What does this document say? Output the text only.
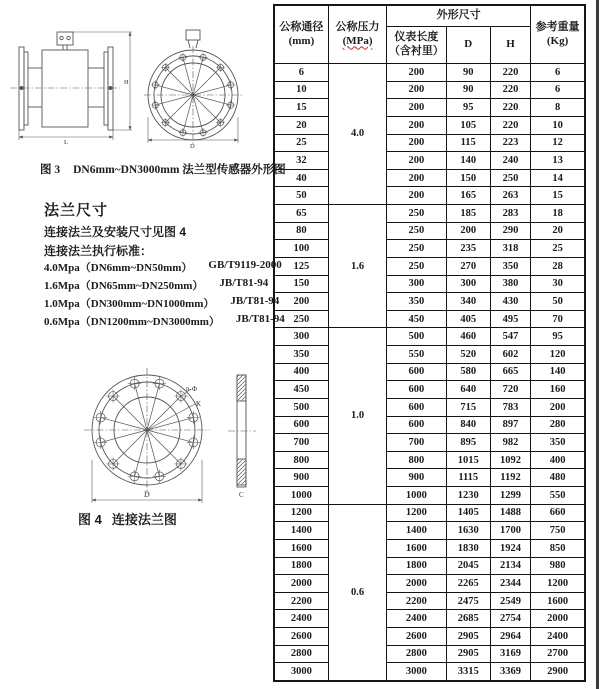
H
L
D
图 3 DN6mm~DN3000mm 法兰型传感器外形图
法兰尺寸
连接法兰及安装尺寸见图 4
连接法兰执行标准：
4.0Mpa（DN6mm~DN50mm） GB/T9119-2000
1.6Mpa（DN65mm~DN250mm） JB/T81-94
1.0Mpa（DN300mm~DN1000mm） JB/T81-94
0.6Mpa（DN1200mm~DN3000mm） JB/T81-94
n-Φ
K
D	C
图 4 连接法兰图
公称通径
(mm)

公称压力
(MPa)
	外形尺寸	
参考重量
(Kg)

		仪表长度
（含衬里）	D	H	
6	4.0	200	90	220	6
10		200	90	220	6
15		200	95	220	8
20		200	105	220	10
25		200	115	223	12
32		200	140	240	13
40		200	150	250	14
50		200	165	263	15
65	1.6	250	185	283	18
80		250	200	290	20
100		250	235	318	25
125		250	270	350	28
150		300	300	380	30
200		350	340	430	50
250		450	405	495	70
300	1.0	500	460	547	95
350		550	520	602	120
400		600	580	665	140
450		600	640	720	160
500		600	715	783	200
600		600	840	897	280
700		700	895	982	350
800		800	1015	1092	400
900		900	1115	1192	480
1000		1000	1230	1299	550
1200	0.6	1200	1405	1488	660
1400		1400	1630	1700	750
1600		1600	1830	1924	850
1800		1800	2045	2134	980
2000		2000	2265	2344	1200
2200		2200	2475	2549	1600
2400		2400	2685	2754	2000
2600		2600	2905	2964	2400
2800		2800	2905	3169	2700
3000		3000	3315	3369	2900
